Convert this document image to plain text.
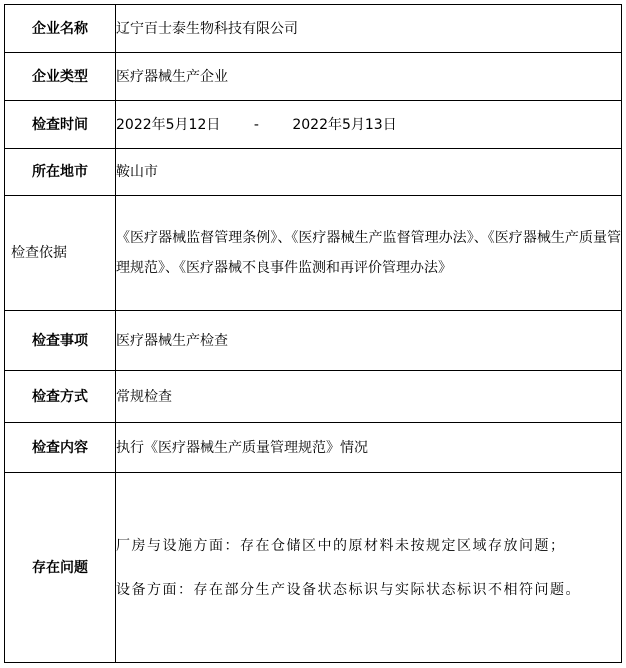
企业名称	辽宁百士泰生物科技有限公司
企业类型	医疗器械生产企业
检查时间	2022年5月12日 - 2022年5月13日
所在地市	鞍山市
检查依据	《医疗器械监督管理条例》、《医疗器械生产监督管理办法》、《医疗器械生产质量管理规范》、《医疗器械不良事件监测和再评价管理办法》
检查事项	医疗器械生产检查
检查方式	常规检查
检查内容	执行《医疗器械生产质量管理规范》情况
存在问题	厂房与设施方面：存在仓储区中的原材料未按规定区域存放问题；
设备方面：存在部分生产设备状态标识与实际状态标识不相符问题。
